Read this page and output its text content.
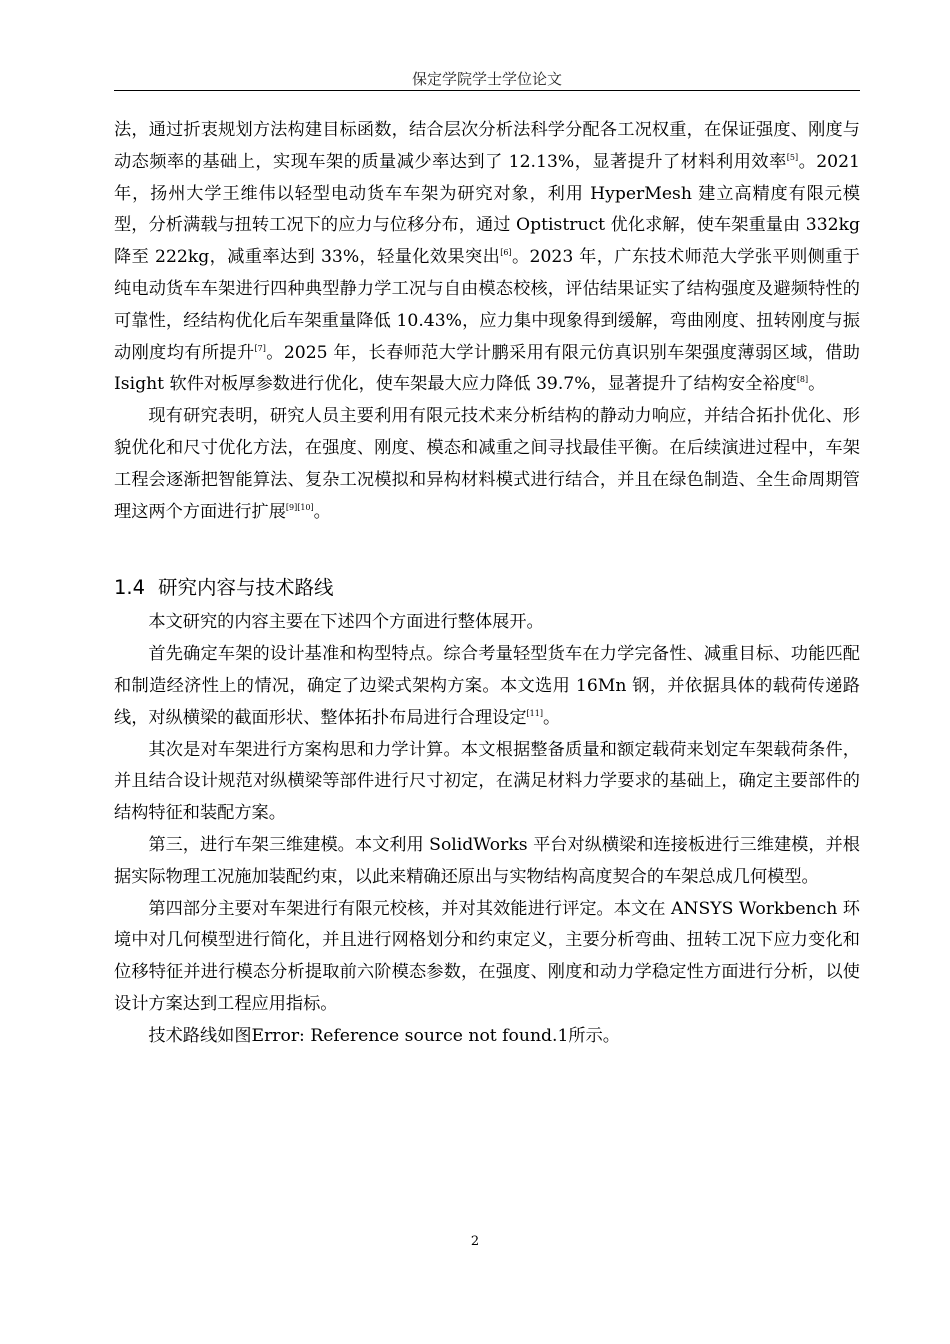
保定学院学士学位论文

法，通过折衷规划方法构建目标函数，结合层次分析法科学分配各工况权重，在保证强度、刚度与动态频率的基础上，实现车架的质量减少率达到了 12.13%，显著提升了材料利用效率[5]。2021 年，扬州大学王维伟以轻型电动货车车架为研究对象，利用 HyperMesh 建立高精度有限元模型，分析满载与扭转工况下的应力与位移分布，通过 Optistruct 优化求解，使车架重量由 332kg 降至 222kg，减重率达到 33%，轻量化效果突出[6]。2023 年，广东技术师范大学张平则侧重于纯电动货车车架进行四种典型静力学工况与自由模态校核，评估结果证实了结构强度及避频特性的可靠性，经结构优化后车架重量降低 10.43%，应力集中现象得到缓解，弯曲刚度、扭转刚度与振动刚度均有所提升[7]。2025 年，长春师范大学计鹏采用有限元仿真识别车架强度薄弱区域，借助 Isight 软件对板厚参数进行优化，使车架最大应力降低 39.7%，显著提升了结构安全裕度[8]。

现有研究表明，研究人员主要利用有限元技术来分析结构的静动力响应，并结合拓扑优化、形貌优化和尺寸优化方法，在强度、刚度、模态和减重之间寻找最佳平衡。在后续演进过程中，车架工程会逐渐把智能算法、复杂工况模拟和异构材料模式进行结合，并且在绿色制造、全生命周期管理这两个方面进行扩展[9][10]。

1.4 研究内容与技术路线

本文研究的内容主要在下述四个方面进行整体展开。

首先确定车架的设计基准和构型特点。综合考量轻型货车在力学完备性、减重目标、功能匹配和制造经济性上的情况，确定了边梁式架构方案。本文选用 16Mn 钢，并依据具体的载荷传递路线，对纵横梁的截面形状、整体拓扑布局进行合理设定[11]。

其次是对车架进行方案构思和力学计算。本文根据整备质量和额定载荷来划定车架载荷条件，并且结合设计规范对纵横梁等部件进行尺寸初定，在满足材料力学要求的基础上，确定主要部件的结构特征和装配方案。

第三，进行车架三维建模。本文利用 SolidWorks 平台对纵横梁和连接板进行三维建模，并根据实际物理工况施加装配约束，以此来精确还原出与实物结构高度契合的车架总成几何模型。

第四部分主要对车架进行有限元校核，并对其效能进行评定。本文在 ANSYS Workbench 环境中对几何模型进行简化，并且进行网格划分和约束定义，主要分析弯曲、扭转工况下应力变化和位移特征并进行模态分析提取前六阶模态参数，在强度、刚度和动力学稳定性方面进行分析，以使设计方案达到工程应用指标。

技术路线如图Error: Reference source not found.1所示。

2
